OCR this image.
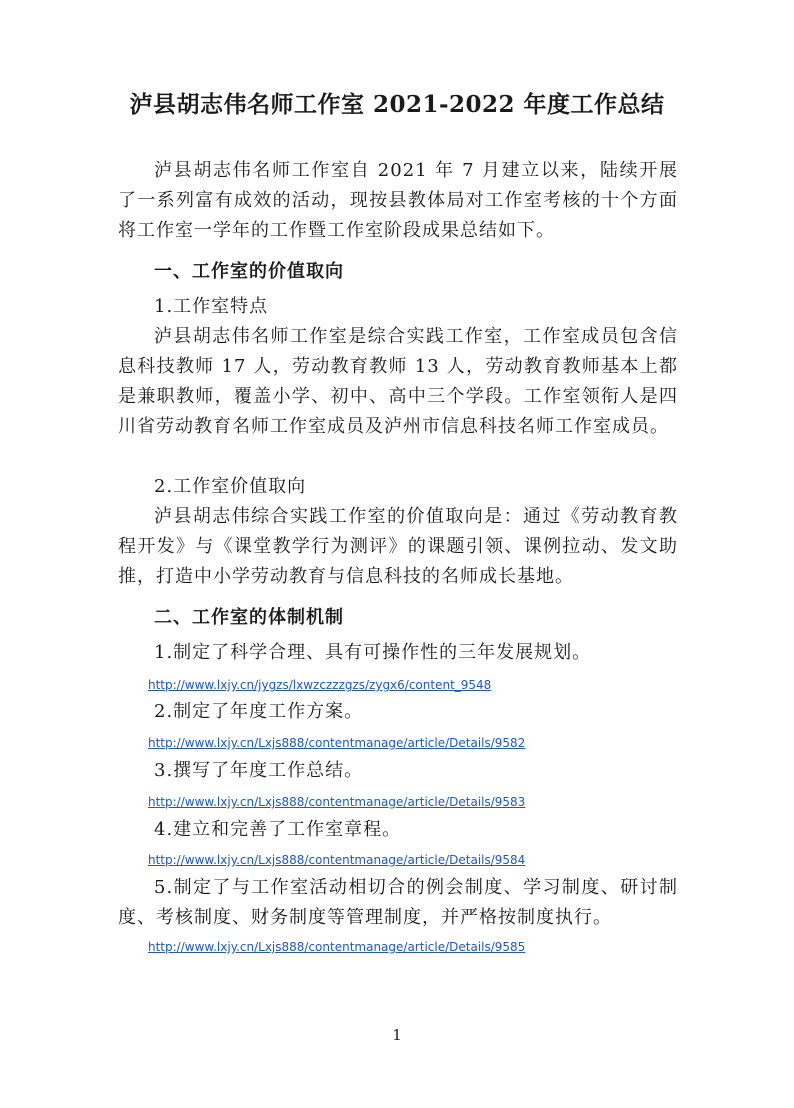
泸县胡志伟名师工作室 2021-2022 年度工作总结
泸县胡志伟名师工作室自 2021 年 7 月建立以来，陆续开展了一系列富有成效的活动，现按县教体局对工作室考核的十个方面将工作室一学年的工作暨工作室阶段成果总结如下。
一、工作室的价值取向
1.工作室特点
泸县胡志伟名师工作室是综合实践工作室，工作室成员包含信息科技教师 17 人，劳动教育教师 13 人，劳动教育教师基本上都是兼职教师，覆盖小学、初中、高中三个学段。工作室领衔人是四川省劳动教育名师工作室成员及泸州市信息科技名师工作室成员。
2.工作室价值取向
泸县胡志伟综合实践工作室的价值取向是：通过《劳动教育教程开发》与《课堂教学行为测评》的课题引领、课例拉动、发文助推，打造中小学劳动教育与信息科技的名师成长基地。
二、工作室的体制机制
1.制定了科学合理、具有可操作性的三年发展规划。
http://www.lxjy.cn/jygzs/lxwzczzzgzs/zygx6/content_9548
2.制定了年度工作方案。
http://www.lxjy.cn/Lxjs888/contentmanage/article/Details/9582
3.撰写了年度工作总结。
http://www.lxjy.cn/Lxjs888/contentmanage/article/Details/9583
4.建立和完善了工作室章程。
http://www.lxjy.cn/Lxjs888/contentmanage/article/Details/9584
5.制定了与工作室活动相切合的例会制度、学习制度、研讨制度、考核制度、财务制度等管理制度，并严格按制度执行。
http://www.lxjy.cn/Lxjs888/contentmanage/article/Details/9585
1
